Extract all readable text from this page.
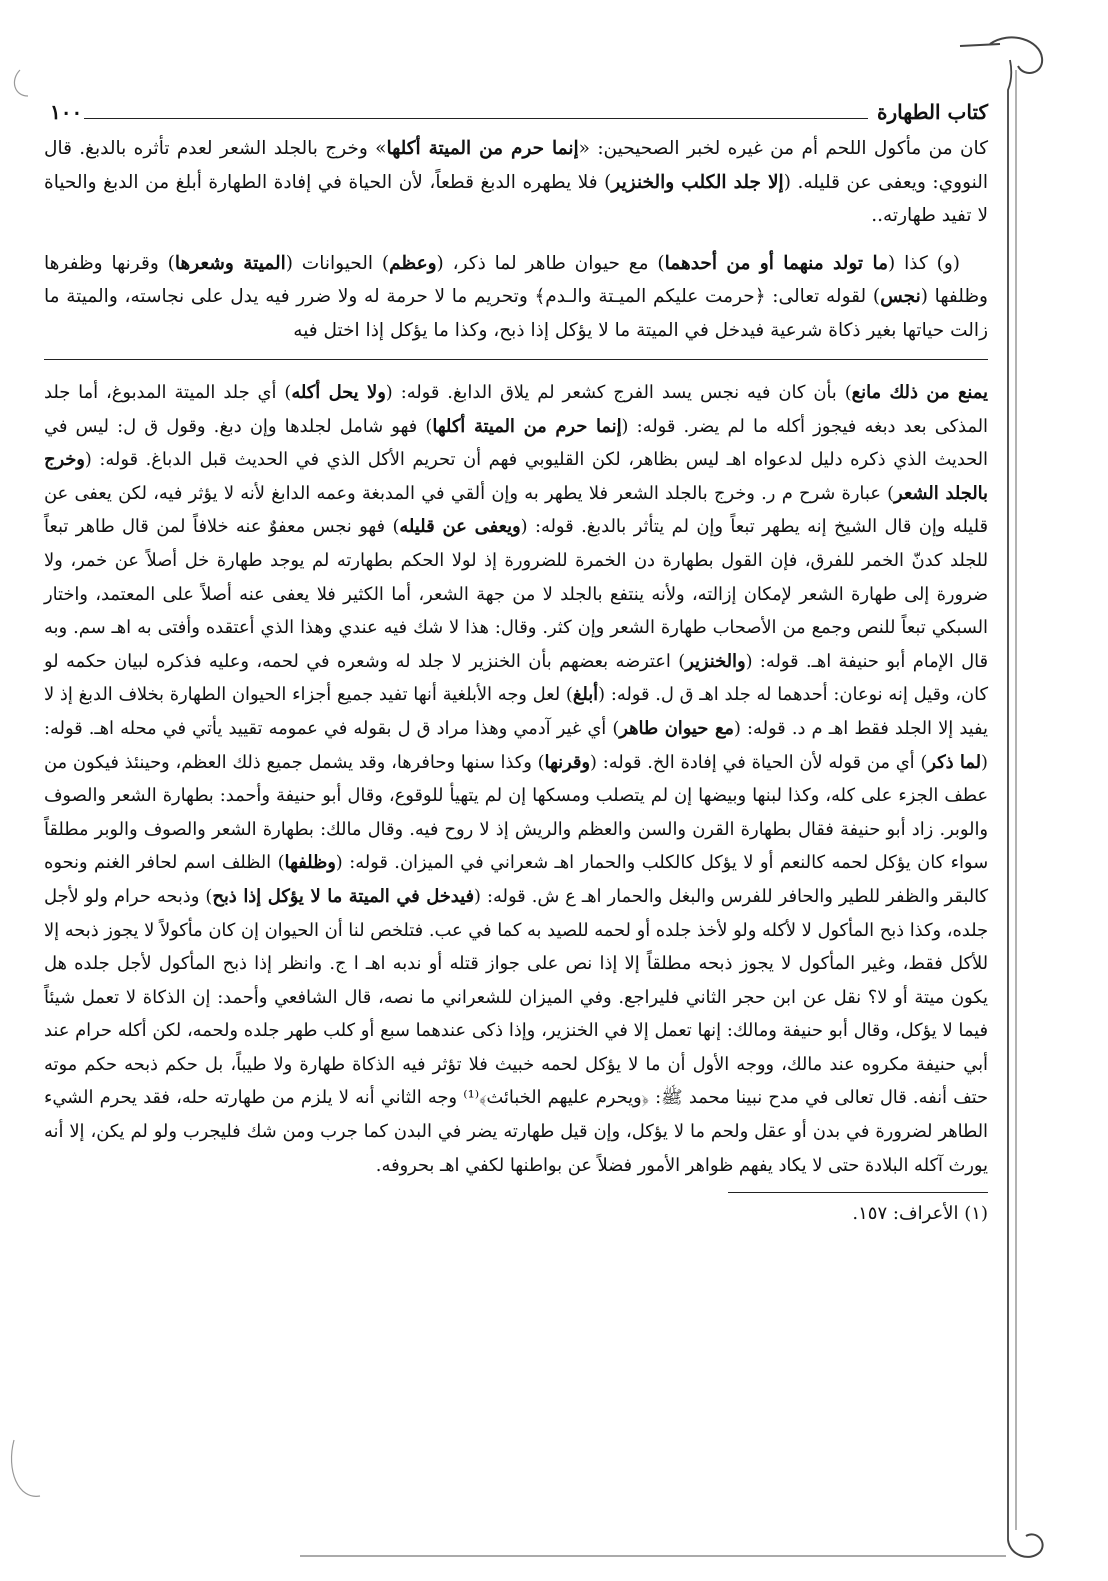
كتاب الطهارة
١٠٠

كان من مأكول اللحم أم من غيره لخبر الصحيحين: «إنما حرم من الميتة أكلها» وخرج بالجلد الشعر لعدم تأثره بالدبغ. قال النووي: ويعفى عن قليله. (إلا جلد الكلب والخنزير) فلا يطهره الدبغ قطعاً، لأن الحياة في إفادة الطهارة أبلغ من الدبغ والحياة لا تفيد طهارته..

(و) كذا (ما تولد منهما أو من أحدهما) مع حيوان طاهر لما ذكر، (وعظم) الحيوانات (الميتة وشعرها) وقرنها وظفرها وظلفها (نجس) لقوله تعالى: ﴿حرمت عليكم الميـتة والـدم﴾ وتحريم ما لا حرمة له ولا ضرر فيه يدل على نجاسته، والميتة ما زالت حياتها بغير ذكاة شرعية فيدخل في الميتة ما لا يؤكل إذا ذبح، وكذا ما يؤكل إذا اختل فيه

يمنع من ذلك مانع) بأن كان فيه نجس يسد الفرج كشعر لم يلاق الدابغ. قوله: (ولا يحل أكله) أي جلد الميتة المدبوغ، أما جلد المذكى بعد دبغه فيجوز أكله ما لم يضر. قوله: (إنما حرم من الميتة أكلها) فهو شامل لجلدها وإن دبغ. وقول ق ل: ليس في الحديث الذي ذكره دليل لدعواه اهـ ليس بظاهر، لكن القليوبي فهم أن تحريم الأكل الذي في الحديث قبل الدباغ. قوله: (وخرج بالجلد الشعر) عبارة شرح م ر. وخرج بالجلد الشعر فلا يطهر به وإن ألقي في المدبغة وعمه الدابغ لأنه لا يؤثر فيه، لكن يعفى عن قليله وإن قال الشيخ إنه يطهر تبعاً وإن لم يتأثر بالدبغ. قوله: (ويعفى عن قليله) فهو نجس معفوٌ عنه خلافاً لمن قال طاهر تبعاً للجلد كدنّ الخمر للفرق، فإن القول بطهارة دن الخمرة للضرورة إذ لولا الحكم بطهارته لم يوجد طهارة خل أصلاً عن خمر، ولا ضرورة إلى طهارة الشعر لإمكان إزالته، ولأنه ينتفع بالجلد لا من جهة الشعر، أما الكثير فلا يعفى عنه أصلاً على المعتمد، واختار السبكي تبعاً للنص وجمع من الأصحاب طهارة الشعر وإن كثر. وقال: هذا لا شك فيه عندي وهذا الذي أعتقده وأفتى به اهـ سم. وبه قال الإمام أبو حنيفة اهـ. قوله: (والخنزير) اعترضه بعضهم بأن الخنزير لا جلد له وشعره في لحمه، وعليه فذكره لبيان حكمه لو كان، وقيل إنه نوعان: أحدهما له جلد اهـ ق ل. قوله: (أبلغ) لعل وجه الأبلغية أنها تفيد جميع أجزاء الحيوان الطهارة بخلاف الدبغ إذ لا يفيد إلا الجلد فقط اهـ م د. قوله: (مع حيوان طاهر) أي غير آدمي وهذا مراد ق ل بقوله في عمومه تقييد يأتي في محله اهـ. قوله: (لما ذكر) أي من قوله لأن الحياة في إفادة الخ. قوله: (وقرنها) وكذا سنها وحافرها، وقد يشمل جميع ذلك العظم، وحينئذ فيكون من عطف الجزء على كله، وكذا لبنها وبيضها إن لم يتصلب ومسكها إن لم يتهيأ للوقوع، وقال أبو حنيفة وأحمد: بطهارة الشعر والصوف والوبر. زاد أبو حنيفة فقال بطهارة القرن والسن والعظم والريش إذ لا روح فيه. وقال مالك: بطهارة الشعر والصوف والوبر مطلقاً سواء كان يؤكل لحمه كالنعم أو لا يؤكل كالكلب والحمار اهـ شعراني في الميزان. قوله: (وظلفها) الظلف اسم لحافر الغنم ونحوه كالبقر والظفر للطير والحافر للفرس والبغل والحمار اهـ ع ش. قوله: (فيدخل في الميتة ما لا يؤكل إذا ذبح) وذبحه حرام ولو لأجل جلده، وكذا ذبح المأكول لا لأكله ولو لأخذ جلده أو لحمه للصيد به كما في عب. فتلخص لنا أن الحيوان إن كان مأكولاً لا يجوز ذبحه إلا للأكل فقط، وغير المأكول لا يجوز ذبحه مطلقاً إلا إذا نص على جواز قتله أو ندبه اهـ ا ج. وانظر إذا ذبح المأكول لأجل جلده هل يكون ميتة أو لا؟ نقل عن ابن حجر الثاني فليراجع. وفي الميزان للشعراني ما نصه، قال الشافعي وأحمد: إن الذكاة لا تعمل شيئاً فيما لا يؤكل، وقال أبو حنيفة ومالك: إنها تعمل إلا في الخنزير، وإذا ذكى عندهما سبع أو كلب طهر جلده ولحمه، لكن أكله حرام عند أبي حنيفة مكروه عند مالك، ووجه الأول أن ما لا يؤكل لحمه خبيث فلا تؤثر فيه الذكاة طهارة ولا طيباً، بل حكم ذبحه حكم موته حتف أنفه. قال تعالى في مدح نبينا محمد ﷺ: ﴿ويحرم عليهم الخبائث﴾⁽¹⁾ وجه الثاني أنه لا يلزم من طهارته حله، فقد يحرم الشيء الطاهر لضرورة في بدن أو عقل ولحم ما لا يؤكل، وإن قيل طهارته يضر في البدن كما جرب ومن شك فليجرب ولو لم يكن، إلا أنه يورث آكله البلادة حتى لا يكاد يفهم ظواهر الأمور فضلاً عن بواطنها لكفي اهـ بحروفه.

(١) الأعراف: ١٥٧.
